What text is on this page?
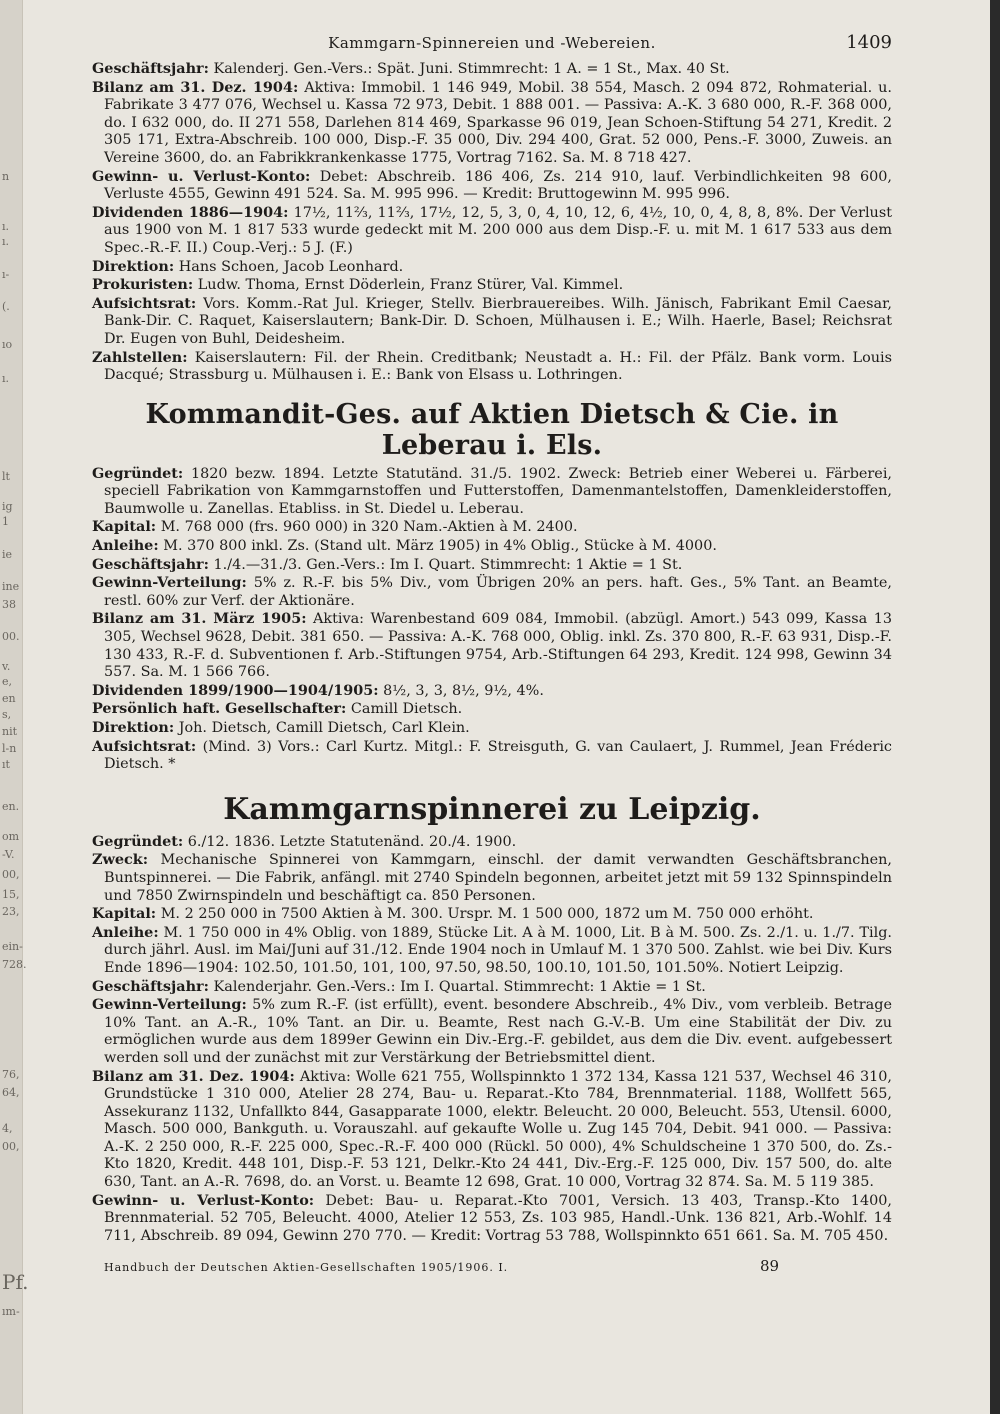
n
ı.
ı.
ı-
(.
ıo
ı.
lt
ig
1
ie
ine
38
00.
v.
e,
en
s,
nit
l-n
ıt
en.
om
-V.
00,
15,
23,
ein-
728.
76,
64,
4,
00,
Pf.
ım-
Kammgarn-Spinnereien und -Webereien.	1409

Geschäftsjahr: Kalenderj. Gen.-Vers.: Spät. Juni. Stimmrecht: 1 A. = 1 St., Max. 40 St.

Bilanz am 31. Dez. 1904: Aktiva: Immobil. 1 146 949, Mobil. 38 554, Masch. 2 094 872, Rohmaterial. u. Fabrikate 3 477 076, Wechsel u. Kassa 72 973, Debit. 1 888 001. — Passiva: A.-K. 3 680 000, R.-F. 368 000, do. I 632 000, do. II 271 558, Darlehen 814 469, Sparkasse 96 019, Jean Schoen-Stiftung 54 271, Kredit. 2 305 171, Extra-Abschreib. 100 000, Disp.-F. 35 000, Div. 294 400, Grat. 52 000, Pens.-F. 3000, Zuweis. an Vereine 3600, do. an Fabrikkrankenkasse 1775, Vortrag 7162. Sa. M. 8 718 427.

Gewinn- u. Verlust-Konto: Debet: Abschreib. 186 406, Zs. 214 910, lauf. Verbindlichkeiten 98 600, Verluste 4555, Gewinn 491 524. Sa. M. 995 996. — Kredit: Bruttogewinn M. 995 996.

Dividenden 1886—1904: 17½, 11⅔, 11⅔, 17½, 12, 5, 3, 0, 4, 10, 12, 6, 4½, 10, 0, 4, 8, 8, 8%. Der Verlust aus 1900 von M. 1 817 533 wurde gedeckt mit M. 200 000 aus dem Disp.-F. u. mit M. 1 617 533 aus dem Spec.-R.-F. II.) Coup.-Verj.: 5 J. (F.)

Direktion: Hans Schoen, Jacob Leonhard.

Prokuristen: Ludw. Thoma, Ernst Döderlein, Franz Stürer, Val. Kimmel.

Aufsichtsrat: Vors. Komm.-Rat Jul. Krieger, Stellv. Bierbrauereibes. Wilh. Jänisch, Fabrikant Emil Caesar, Bank-Dir. C. Raquet, Kaiserslautern; Bank-Dir. D. Schoen, Mülhausen i. E.; Wilh. Haerle, Basel; Reichsrat Dr. Eugen von Buhl, Deidesheim.

Zahlstellen: Kaiserslautern: Fil. der Rhein. Creditbank; Neustadt a. H.: Fil. der Pfälz. Bank vorm. Louis Dacqué; Strassburg u. Mülhausen i. E.: Bank von Elsass u. Lothringen.

Kommandit-Ges. auf Aktien Dietsch & Cie. in Leberau i. Els.

Gegründet: 1820 bezw. 1894. Letzte Statutänd. 31./5. 1902. Zweck: Betrieb einer Weberei u. Färberei, speciell Fabrikation von Kammgarnstoffen und Futterstoffen, Damenmantelstoffen, Damenkleiderstoffen, Baumwolle u. Zanellas. Etabliss. in St. Diedel u. Leberau.

Kapital: M. 768 000 (frs. 960 000) in 320 Nam.-Aktien à M. 2400.

Anleihe: M. 370 800 inkl. Zs. (Stand ult. März 1905) in 4% Oblig., Stücke à M. 4000.

Geschäftsjahr: 1./4.—31./3. Gen.-Vers.: Im I. Quart. Stimmrecht: 1 Aktie = 1 St.

Gewinn-Verteilung: 5% z. R.-F. bis 5% Div., vom Übrigen 20% an pers. haft. Ges., 5% Tant. an Beamte, restl. 60% zur Verf. der Aktionäre.

Bilanz am 31. März 1905: Aktiva: Warenbestand 609 084, Immobil. (abzügl. Amort.) 543 099, Kassa 13 305, Wechsel 9628, Debit. 381 650. — Passiva: A.-K. 768 000, Oblig. inkl. Zs. 370 800, R.-F. 63 931, Disp.-F. 130 433, R.-F. d. Subventionen f. Arb.-Stiftungen 9754, Arb.-Stiftungen 64 293, Kredit. 124 998, Gewinn 34 557. Sa. M. 1 566 766.

Dividenden 1899/1900—1904/1905: 8½, 3, 3, 8½, 9½, 4%.

Persönlich haft. Gesellschafter: Camill Dietsch.

Direktion: Joh. Dietsch, Camill Dietsch, Carl Klein.

Aufsichtsrat: (Mind. 3) Vors.: Carl Kurtz. Mitgl.: F. Streisguth, G. van Caulaert, J. Rummel, Jean Fréderic Dietsch. *

Kammgarnspinnerei zu Leipzig.

Gegründet: 6./12. 1836. Letzte Statutenänd. 20./4. 1900.

Zweck: Mechanische Spinnerei von Kammgarn, einschl. der damit verwandten Geschäftsbranchen, Buntspinnerei. — Die Fabrik, anfängl. mit 2740 Spindeln begonnen, arbeitet jetzt mit 59 132 Spinnspindeln und 7850 Zwirnspindeln und beschäftigt ca. 850 Personen.

Kapital: M. 2 250 000 in 7500 Aktien à M. 300. Urspr. M. 1 500 000, 1872 um M. 750 000 erhöht.

Anleihe: M. 1 750 000 in 4% Oblig. von 1889, Stücke Lit. A à M. 1000, Lit. B à M. 500. Zs. 2./1. u. 1./7. Tilg. durch jährl. Ausl. im Mai/Juni auf 31./12. Ende 1904 noch in Umlauf M. 1 370 500. Zahlst. wie bei Div. Kurs Ende 1896—1904: 102.50, 101.50, 101, 100, 97.50, 98.50, 100.10, 101.50, 101.50%. Notiert Leipzig.

Geschäftsjahr: Kalenderjahr. Gen.-Vers.: Im I. Quartal. Stimmrecht: 1 Aktie = 1 St.

Gewinn-Verteilung: 5% zum R.-F. (ist erfüllt), event. besondere Abschreib., 4% Div., vom verbleib. Betrage 10% Tant. an A.-R., 10% Tant. an Dir. u. Beamte, Rest nach G.-V.-B. Um eine Stabilität der Div. zu ermöglichen wurde aus dem 1899er Gewinn ein Div.-Erg.-F. gebildet, aus dem die Div. event. aufgebessert werden soll und der zunächst mit zur Verstärkung der Betriebsmittel dient.

Bilanz am 31. Dez. 1904: Aktiva: Wolle 621 755, Wollspinnkto 1 372 134, Kassa 121 537, Wechsel 46 310, Grundstücke 1 310 000, Atelier 28 274, Bau- u. Reparat.-Kto 784, Brennmaterial. 1188, Wollfett 565, Assekuranz 1132, Unfallkto 844, Gasapparate 1000, elektr. Beleucht. 20 000, Beleucht. 553, Utensil. 6000, Masch. 500 000, Bankguth. u. Vorauszahl. auf gekaufte Wolle u. Zug 145 704, Debit. 941 000. — Passiva: A.-K. 2 250 000, R.-F. 225 000, Spec.-R.-F. 400 000 (Rückl. 50 000), 4% Schuldscheine 1 370 500, do. Zs.-Kto 1820, Kredit. 448 101, Disp.-F. 53 121, Delkr.-Kto 24 441, Div.-Erg.-F. 125 000, Div. 157 500, do. alte 630, Tant. an A.-R. 7698, do. an Vorst. u. Beamte 12 698, Grat. 10 000, Vortrag 32 874. Sa. M. 5 119 385.

Gewinn- u. Verlust-Konto: Debet: Bau- u. Reparat.-Kto 7001, Versich. 13 403, Transp.-Kto 1400, Brennmaterial. 52 705, Beleucht. 4000, Atelier 12 553, Zs. 103 985, Handl.-Unk. 136 821, Arb.-Wohlf. 14 711, Abschreib. 89 094, Gewinn 270 770. — Kredit: Vortrag 53 788, Wollspinnkto 651 661. Sa. M. 705 450.

Handbuch der Deutschen Aktien-Gesellschaften 1905/1906. I.	89
